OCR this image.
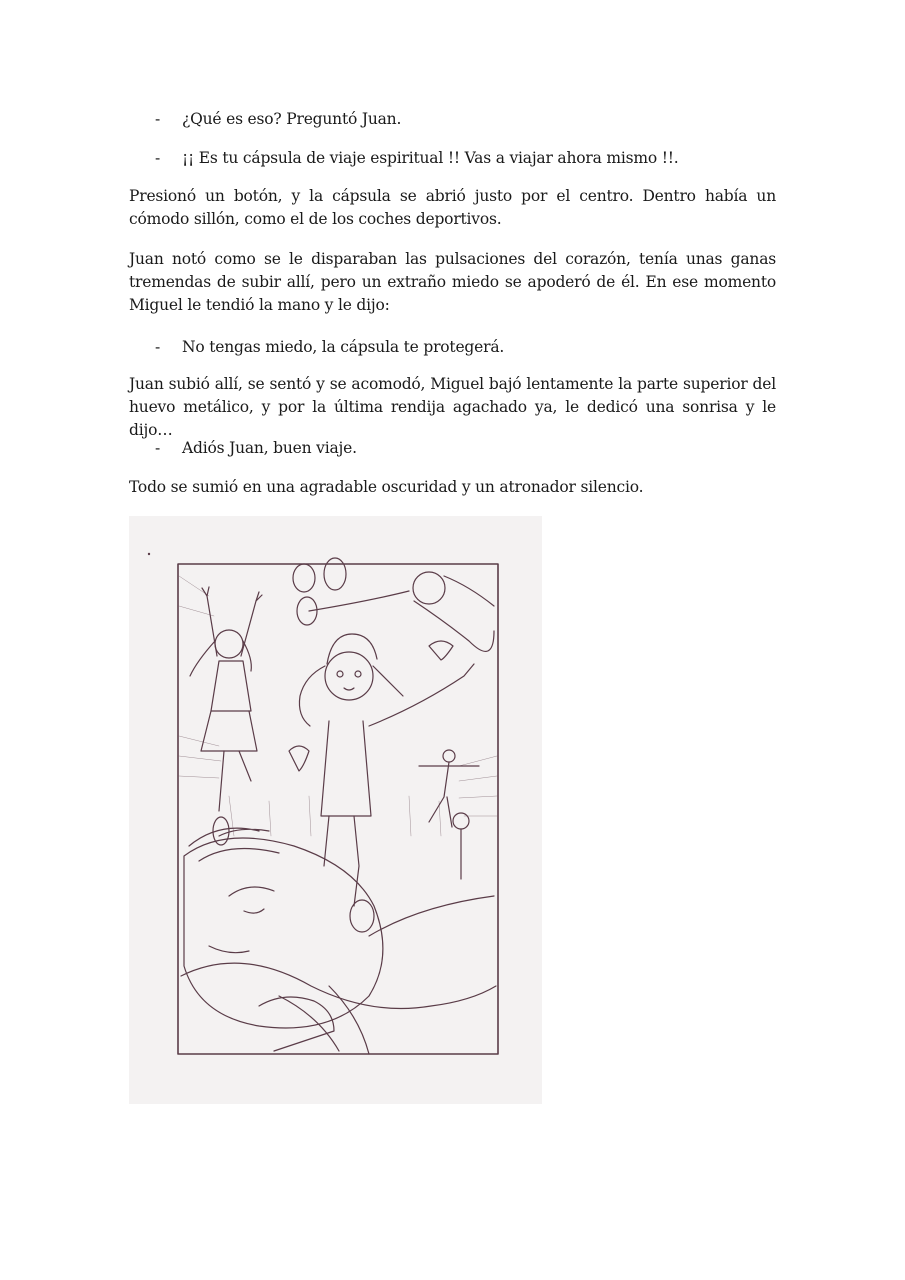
- ¿Qué es eso? Preguntó Juan.
- ¡¡ Es tu cápsula de viaje espiritual !! Vas a viajar ahora mismo !!.
Presionó un botón, y la cápsula se abrió justo por el centro. Dentro había un cómodo sillón, como el de los coches deportivos.
Juan notó como se le disparaban las pulsaciones del corazón, tenía unas ganas tremendas de subir allí, pero un extraño miedo se apoderó de él. En ese momento Miguel le tendió la mano y le dijo:
- No tengas miedo, la cápsula te protegerá.
Juan subió allí, se sentó y se acomodó, Miguel bajó lentamente la parte superior del huevo metálico, y por la última rendija agachado ya, le dedicó una sonrisa y le dijo…
- Adiós Juan, buen viaje.
Todo se sumió en una agradable oscuridad y un atronador silencio.
